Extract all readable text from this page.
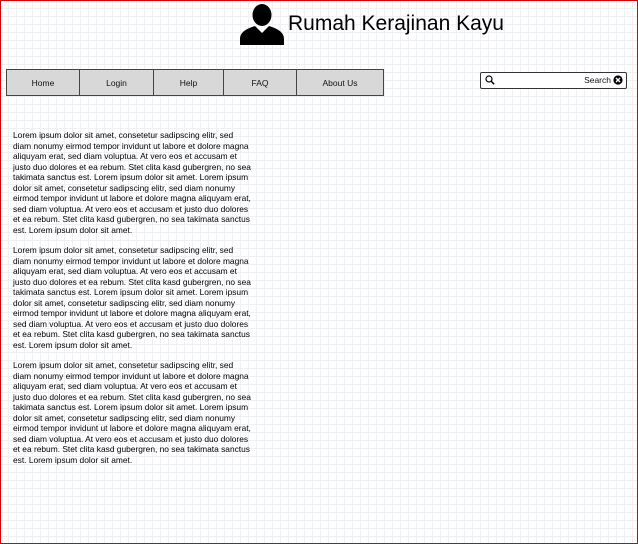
Rumah Kerajinan Kayu
Home	Login	Help	FAQ	About Us	Search

Lorem ipsum dolor sit amet, consetetur sadipscing elitr, sed diam nonumy eirmod tempor invidunt ut labore et dolore magna aliquyam erat, sed diam voluptua. At vero eos et accusam et justo duo dolores et ea rebum. Stet clita kasd gubergren, no sea takimata sanctus est. Lorem ipsum dolor sit amet. Lorem ipsum dolor sit amet, consetetur sadipscing elitr, sed diam nonumy eirmod tempor invidunt ut labore et dolore magna aliquyam erat, sed diam voluptua. At vero eos et accusam et justo duo dolores et ea rebum. Stet clita kasd gubergren, no sea takimata sanctus est. Lorem ipsum dolor sit amet.

Lorem ipsum dolor sit amet, consetetur sadipscing elitr, sed diam nonumy eirmod tempor invidunt ut labore et dolore magna aliquyam erat, sed diam voluptua. At vero eos et accusam et justo duo dolores et ea rebum. Stet clita kasd gubergren, no sea takimata sanctus est. Lorem ipsum dolor sit amet. Lorem ipsum dolor sit amet, consetetur sadipscing elitr, sed diam nonumy eirmod tempor invidunt ut labore et dolore magna aliquyam erat, sed diam voluptua. At vero eos et accusam et justo duo dolores et ea rebum. Stet clita kasd gubergren, no sea takimata sanctus est. Lorem ipsum dolor sit amet.

Lorem ipsum dolor sit amet, consetetur sadipscing elitr, sed diam nonumy eirmod tempor invidunt ut labore et dolore magna aliquyam erat, sed diam voluptua. At vero eos et accusam et justo duo dolores et ea rebum. Stet clita kasd gubergren, no sea takimata sanctus est. Lorem ipsum dolor sit amet. Lorem ipsum dolor sit amet, consetetur sadipscing elitr, sed diam nonumy eirmod tempor invidunt ut labore et dolore magna aliquyam erat, sed diam voluptua. At vero eos et accusam et justo duo dolores et ea rebum. Stet clita kasd gubergren, no sea takimata sanctus est. Lorem ipsum dolor sit amet.
